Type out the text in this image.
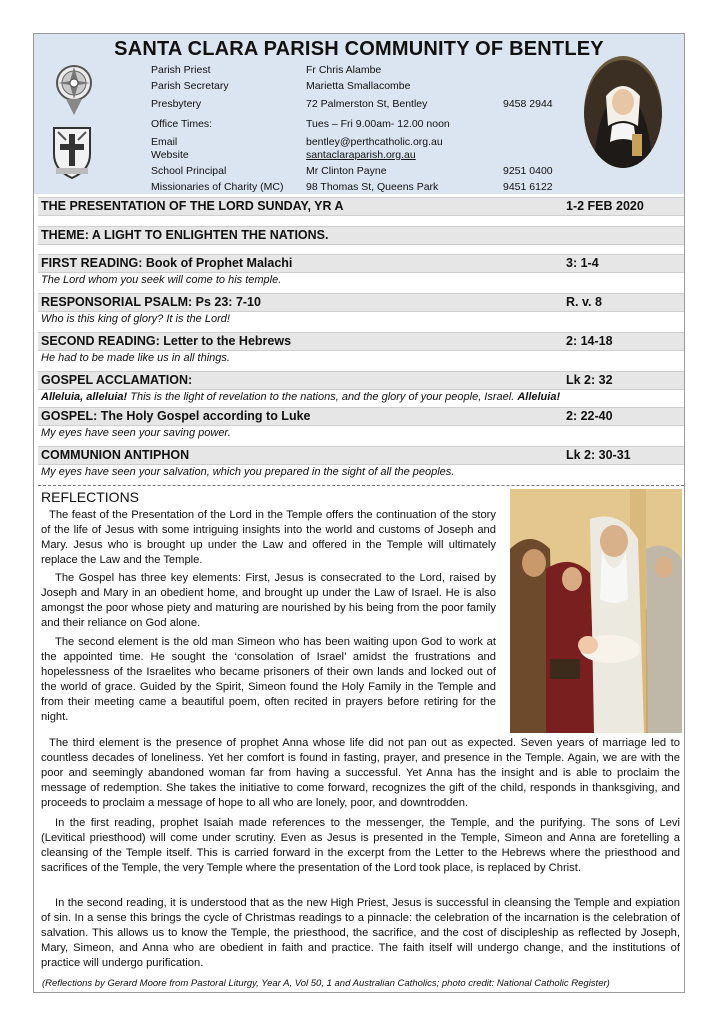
SANTA CLARA PARISH COMMUNITY OF BENTLEY
Parish Priest	Fr Chris Alambe
Parish Secretary	Marietta Smallacombe
Presbytery	72 Palmerston St, Bentley	9458 2944
Office Times:	Tues – Fri 9.00am- 12.00 noon
Email	bentley@perthcatholic.org.au
Website	santaclaraparish.org.au
School Principal	Mr Clinton Payne	9251 0400
Missionaries of Charity (MC) 98 Thomas St, Queens Park	9451 6122
THE PRESENTATION OF THE LORD SUNDAY, YR A	1-2 FEB 2020
THEME: A LIGHT TO ENLIGHTEN THE NATIONS.
FIRST READING: Book of Prophet Malachi	3: 1-4
The Lord whom you seek will come to his temple.
RESPONSORIAL PSALM: Ps 23: 7-10	R. v. 8
Who is this king of glory? It is the Lord!
SECOND READING: Letter to the Hebrews	2: 14-18
He had to be made like us in all things.
GOSPEL ACCLAMATION:	Lk 2: 32
Alleluia, alleluia! This is the light of revelation to the nations, and the glory of your people, Israel. Alleluia!
GOSPEL: The Holy Gospel according to Luke	2: 22-40
My eyes have seen your saving power.
COMMUNION ANTIPHON	Lk 2: 30-31
My eyes have seen your salvation, which you prepared in the sight of all the peoples.
REFLECTIONS
The feast of the Presentation of the Lord in the Temple offers the continuation of the story of the life of Jesus with some intriguing insights into the world and customs of Joseph and Mary. Jesus who is brought up under the Law and offered in the Temple will ultimately replace the Law and the Temple.
The Gospel has three key elements: First, Jesus is consecrated to the Lord, raised by Joseph and Mary in an obedient home, and brought up under the Law of Israel. He is also amongst the poor whose piety and maturing are nourished by his being from the poor family and their reliance on God alone.
The second element is the old man Simeon who has been waiting upon God to work at the appointed time. He sought the ‘consolation of Israel’ amidst the frustrations and hopelessness of the Israelites who became prisoners of their own lands and locked out of the world of grace. Guided by the Spirit, Simeon found the Holy Family in the Temple and from their meeting came a beautiful poem, often recited in prayers before retiring for the night.
The third element is the presence of prophet Anna whose life did not pan out as expected. Seven years of marriage led to countless decades of loneliness. Yet her comfort is found in fasting, prayer, and presence in the Temple. Again, we are with the poor and seemingly abandoned woman far from having a successful. Yet Anna has the insight and is able to proclaim the message of redemption. She takes the initiative to come forward, recognizes the gift of the child, responds in thanksgiving, and proceeds to proclaim a message of hope to all who are lonely, poor, and downtrodden.
In the first reading, prophet Isaiah made references to the messenger, the Temple, and the purifying. The sons of Levi (Levitical priesthood) will come under scrutiny. Even as Jesus is presented in the Temple, Simeon and Anna are foretelling a cleansing of the Temple itself. This is carried forward in the excerpt from the Letter to the Hebrews where the priesthood and sacrifices of the Temple, the very Temple where the presentation of the Lord took place, is replaced by Christ.
In the second reading, it is understood that as the new High Priest, Jesus is successful in cleansing the Temple and expiation of sin. In a sense this brings the cycle of Christmas readings to a pinnacle: the celebration of the incarnation is the celebration of salvation. This allows us to know the Temple, the priesthood, the sacrifice, and the cost of discipleship as reflected by Joseph, Mary, Simeon, and Anna who are obedient in faith and practice. The faith itself will undergo change, and the institutions of practice will undergo purification.
(Reflections by Gerard Moore from Pastoral Liturgy, Year A, Vol 50, 1 and Australian Catholics; photo credit: National Catholic Register)
